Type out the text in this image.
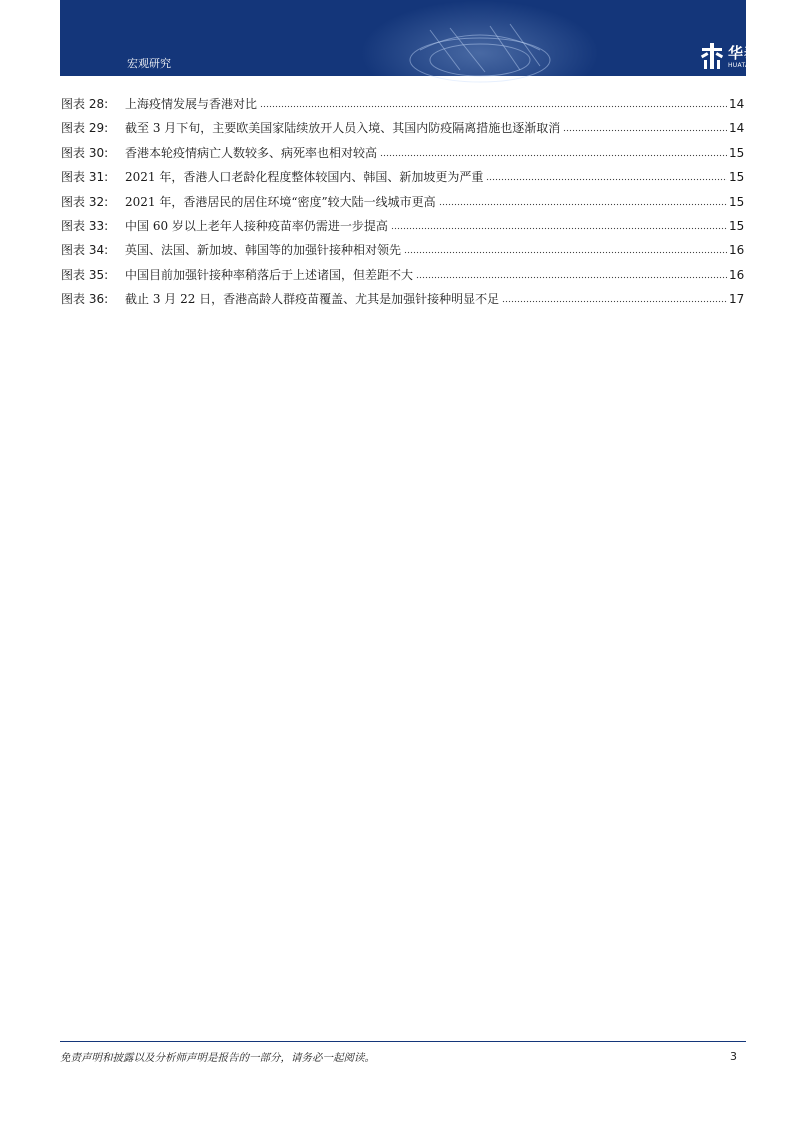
宏观研究
华泰证券
HUATAI SECURITIES
图表 28:	上海疫情发展与香港对比	14
图表 29:	截至 3 月下旬，主要欧美国家陆续放开人员入境、其国内防疫隔离措施也逐渐取消	14
图表 30:	香港本轮疫情病亡人数较多、病死率也相对较高	15
图表 31:	2021 年，香港人口老龄化程度整体较国内、韩国、新加坡更为严重	15
图表 32:	2021 年，香港居民的居住环境“密度”较大陆一线城市更高	15
图表 33:	中国 60 岁以上老年人接种疫苗率仍需进一步提高	15
图表 34:	英国、法国、新加坡、韩国等的加强针接种相对领先	16
图表 35:	中国目前加强针接种率稍落后于上述诸国，但差距不大	16
图表 36:	截止 3 月 22 日，香港高龄人群疫苗覆盖、尤其是加强针接种明显不足	17
免责声明和披露以及分析师声明是报告的一部分，请务必一起阅读。	3
